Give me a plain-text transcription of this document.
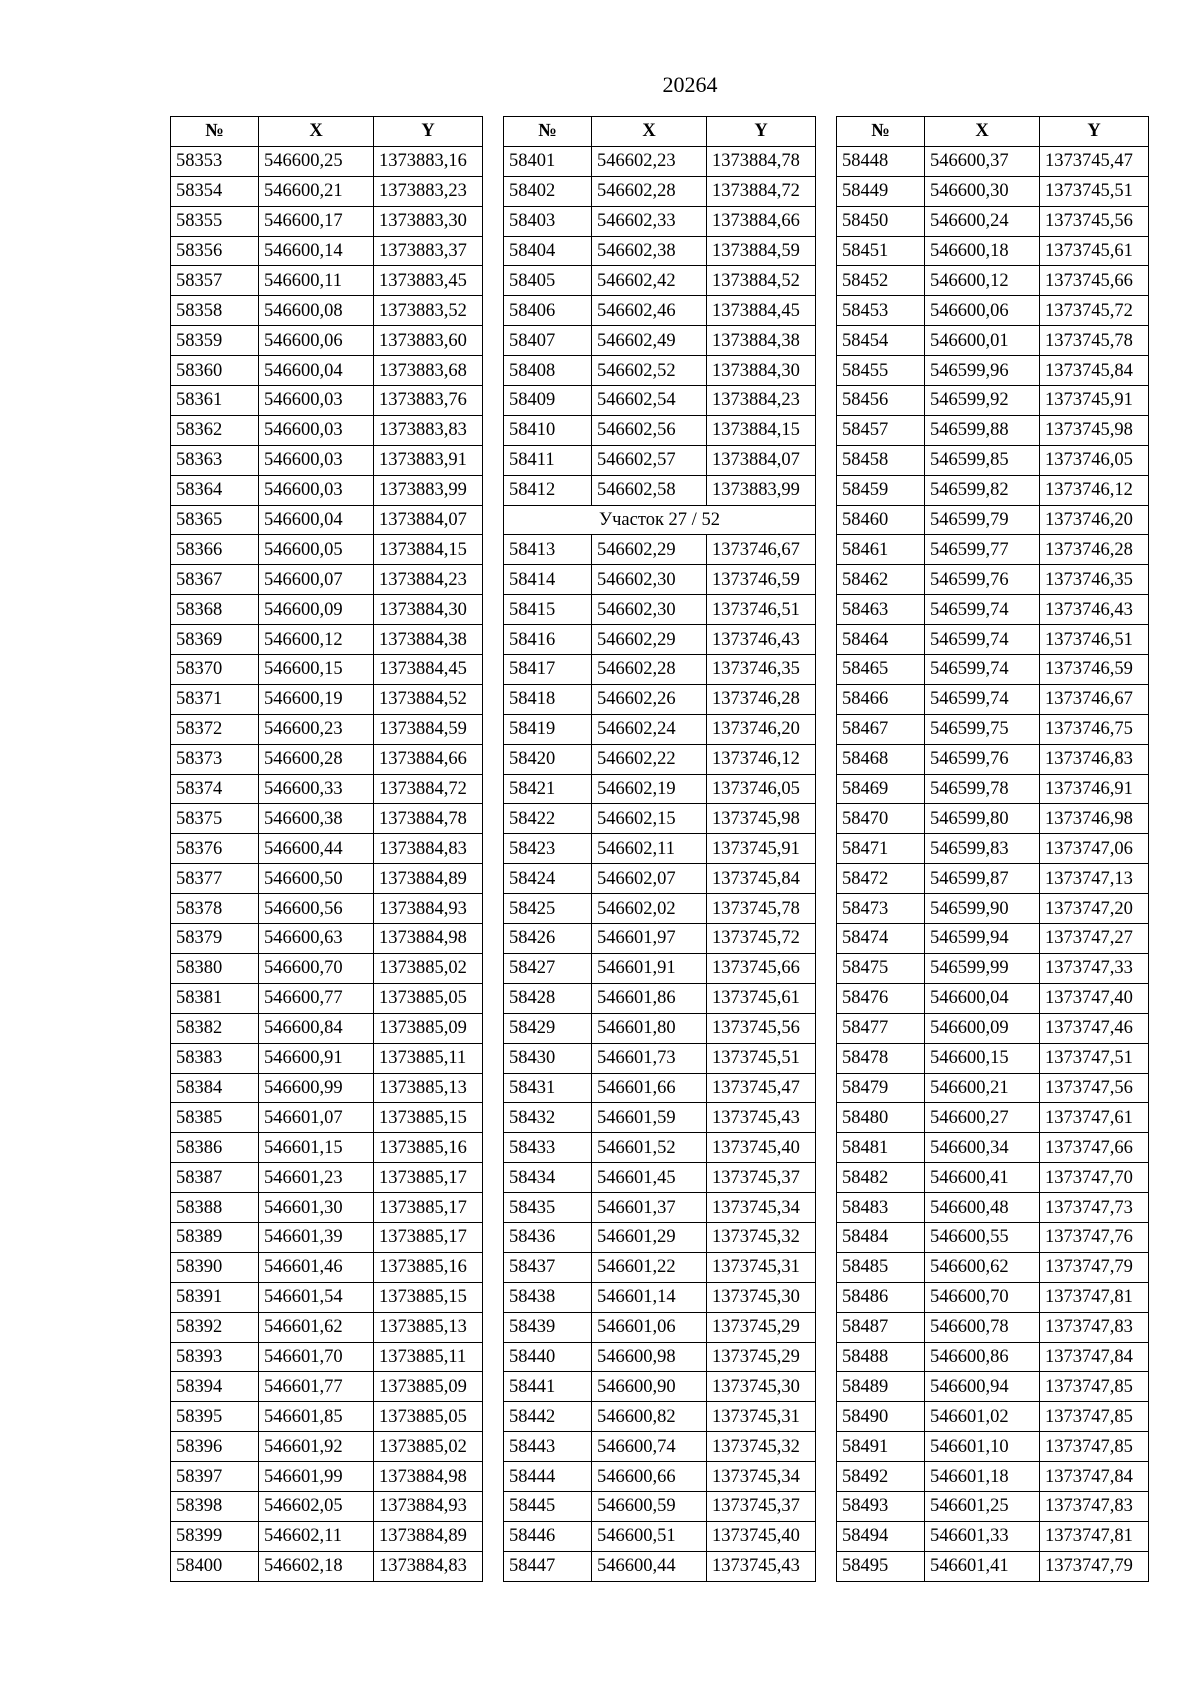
20264
№	X	Y
58353	546600,25	1373883,16
58354	546600,21	1373883,23
58355	546600,17	1373883,30
58356	546600,14	1373883,37
58357	546600,11	1373883,45
58358	546600,08	1373883,52
58359	546600,06	1373883,60
58360	546600,04	1373883,68
58361	546600,03	1373883,76
58362	546600,03	1373883,83
58363	546600,03	1373883,91
58364	546600,03	1373883,99
58365	546600,04	1373884,07
58366	546600,05	1373884,15
58367	546600,07	1373884,23
58368	546600,09	1373884,30
58369	546600,12	1373884,38
58370	546600,15	1373884,45
58371	546600,19	1373884,52
58372	546600,23	1373884,59
58373	546600,28	1373884,66
58374	546600,33	1373884,72
58375	546600,38	1373884,78
58376	546600,44	1373884,83
58377	546600,50	1373884,89
58378	546600,56	1373884,93
58379	546600,63	1373884,98
58380	546600,70	1373885,02
58381	546600,77	1373885,05
58382	546600,84	1373885,09
58383	546600,91	1373885,11
58384	546600,99	1373885,13
58385	546601,07	1373885,15
58386	546601,15	1373885,16
58387	546601,23	1373885,17
58388	546601,30	1373885,17
58389	546601,39	1373885,17
58390	546601,46	1373885,16
58391	546601,54	1373885,15
58392	546601,62	1373885,13
58393	546601,70	1373885,11
58394	546601,77	1373885,09
58395	546601,85	1373885,05
58396	546601,92	1373885,02
58397	546601,99	1373884,98
58398	546602,05	1373884,93
58399	546602,11	1373884,89
58400	546602,18	1373884,83
№	X	Y
58401	546602,23	1373884,78
58402	546602,28	1373884,72
58403	546602,33	1373884,66
58404	546602,38	1373884,59
58405	546602,42	1373884,52
58406	546602,46	1373884,45
58407	546602,49	1373884,38
58408	546602,52	1373884,30
58409	546602,54	1373884,23
58410	546602,56	1373884,15
58411	546602,57	1373884,07
58412	546602,58	1373883,99
Участок 27 / 52		
58413	546602,29	1373746,67
58414	546602,30	1373746,59
58415	546602,30	1373746,51
58416	546602,29	1373746,43
58417	546602,28	1373746,35
58418	546602,26	1373746,28
58419	546602,24	1373746,20
58420	546602,22	1373746,12
58421	546602,19	1373746,05
58422	546602,15	1373745,98
58423	546602,11	1373745,91
58424	546602,07	1373745,84
58425	546602,02	1373745,78
58426	546601,97	1373745,72
58427	546601,91	1373745,66
58428	546601,86	1373745,61
58429	546601,80	1373745,56
58430	546601,73	1373745,51
58431	546601,66	1373745,47
58432	546601,59	1373745,43
58433	546601,52	1373745,40
58434	546601,45	1373745,37
58435	546601,37	1373745,34
58436	546601,29	1373745,32
58437	546601,22	1373745,31
58438	546601,14	1373745,30
58439	546601,06	1373745,29
58440	546600,98	1373745,29
58441	546600,90	1373745,30
58442	546600,82	1373745,31
58443	546600,74	1373745,32
58444	546600,66	1373745,34
58445	546600,59	1373745,37
58446	546600,51	1373745,40
58447	546600,44	1373745,43
№	X	Y
58448	546600,37	1373745,47
58449	546600,30	1373745,51
58450	546600,24	1373745,56
58451	546600,18	1373745,61
58452	546600,12	1373745,66
58453	546600,06	1373745,72
58454	546600,01	1373745,78
58455	546599,96	1373745,84
58456	546599,92	1373745,91
58457	546599,88	1373745,98
58458	546599,85	1373746,05
58459	546599,82	1373746,12
58460	546599,79	1373746,20
58461	546599,77	1373746,28
58462	546599,76	1373746,35
58463	546599,74	1373746,43
58464	546599,74	1373746,51
58465	546599,74	1373746,59
58466	546599,74	1373746,67
58467	546599,75	1373746,75
58468	546599,76	1373746,83
58469	546599,78	1373746,91
58470	546599,80	1373746,98
58471	546599,83	1373747,06
58472	546599,87	1373747,13
58473	546599,90	1373747,20
58474	546599,94	1373747,27
58475	546599,99	1373747,33
58476	546600,04	1373747,40
58477	546600,09	1373747,46
58478	546600,15	1373747,51
58479	546600,21	1373747,56
58480	546600,27	1373747,61
58481	546600,34	1373747,66
58482	546600,41	1373747,70
58483	546600,48	1373747,73
58484	546600,55	1373747,76
58485	546600,62	1373747,79
58486	546600,70	1373747,81
58487	546600,78	1373747,83
58488	546600,86	1373747,84
58489	546600,94	1373747,85
58490	546601,02	1373747,85
58491	546601,10	1373747,85
58492	546601,18	1373747,84
58493	546601,25	1373747,83
58494	546601,33	1373747,81
58495	546601,41	1373747,79
